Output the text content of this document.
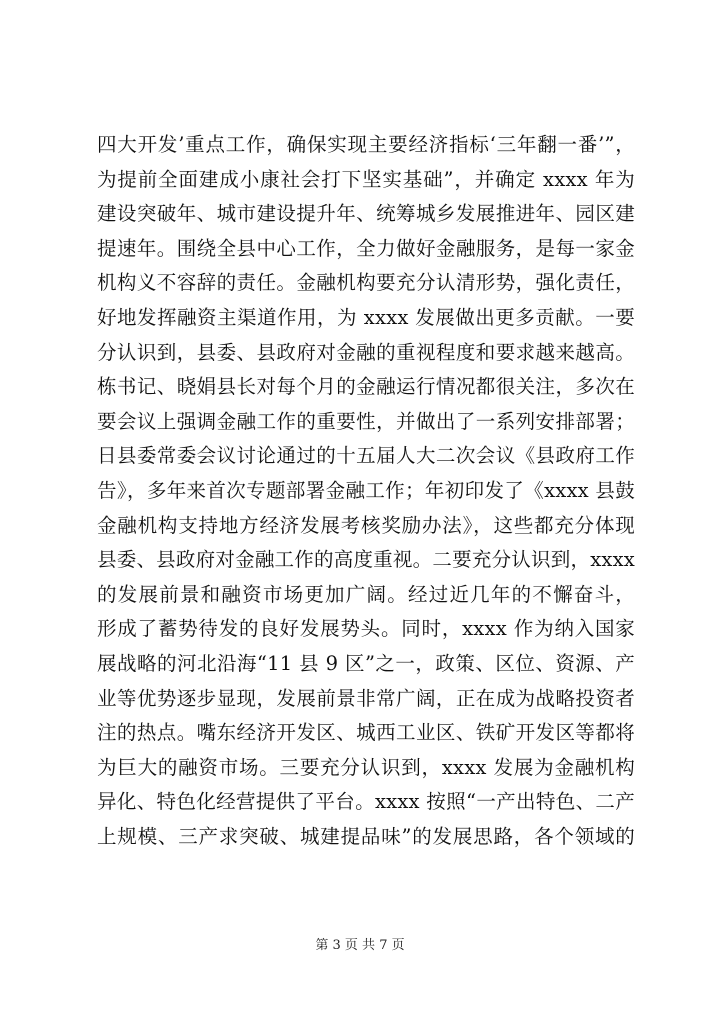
四大开发’重点工作，确保实现主要经济指标‘三年翻一番’”，
为提前全面建成小康社会打下坚实基础”，并确定 xxxx 年为
建设突破年、城市建设提升年、统筹城乡发展推进年、园区建
提速年。围绕全县中心工作，全力做好金融服务，是每一家金
机构义不容辞的责任。金融机构要充分认清形势，强化责任，
好地发挥融资主渠道作用，为 xxxx 发展做出更多贡献。一要
分认识到，县委、县政府对金融的重视程度和要求越来越高。
栋书记、晓娟县长对每个月的金融运行情况都很关注，多次在
要会议上强调金融工作的重要性，并做出了一系列安排部署；
日县委常委会议讨论通过的十五届人大二次会议《县政府工作
告》，多年来首次专题部署金融工作；年初印发了《xxxx 县鼓
金融机构支持地方经济发展考核奖励办法》，这些都充分体现
县委、县政府对金融工作的高度重视。二要充分认识到，xxxx
的发展前景和融资市场更加广阔。经过近几年的不懈奋斗，
形成了蓄势待发的良好发展势头。同时，xxxx 作为纳入国家
展战略的河北沿海“11 县 9 区”之一，政策、区位、资源、产
业等优势逐步显现，发展前景非常广阔，正在成为战略投资者
注的热点。嘴东经济开发区、城西工业区、铁矿开发区等都将
为巨大的融资市场。三要充分认识到，xxxx 发展为金融机构
异化、特色化经营提供了平台。xxxx 按照“一产出特色、二产
上规模、三产求突破、城建提品味”的发展思路，各个领域的
第 3 页 共 7 页
